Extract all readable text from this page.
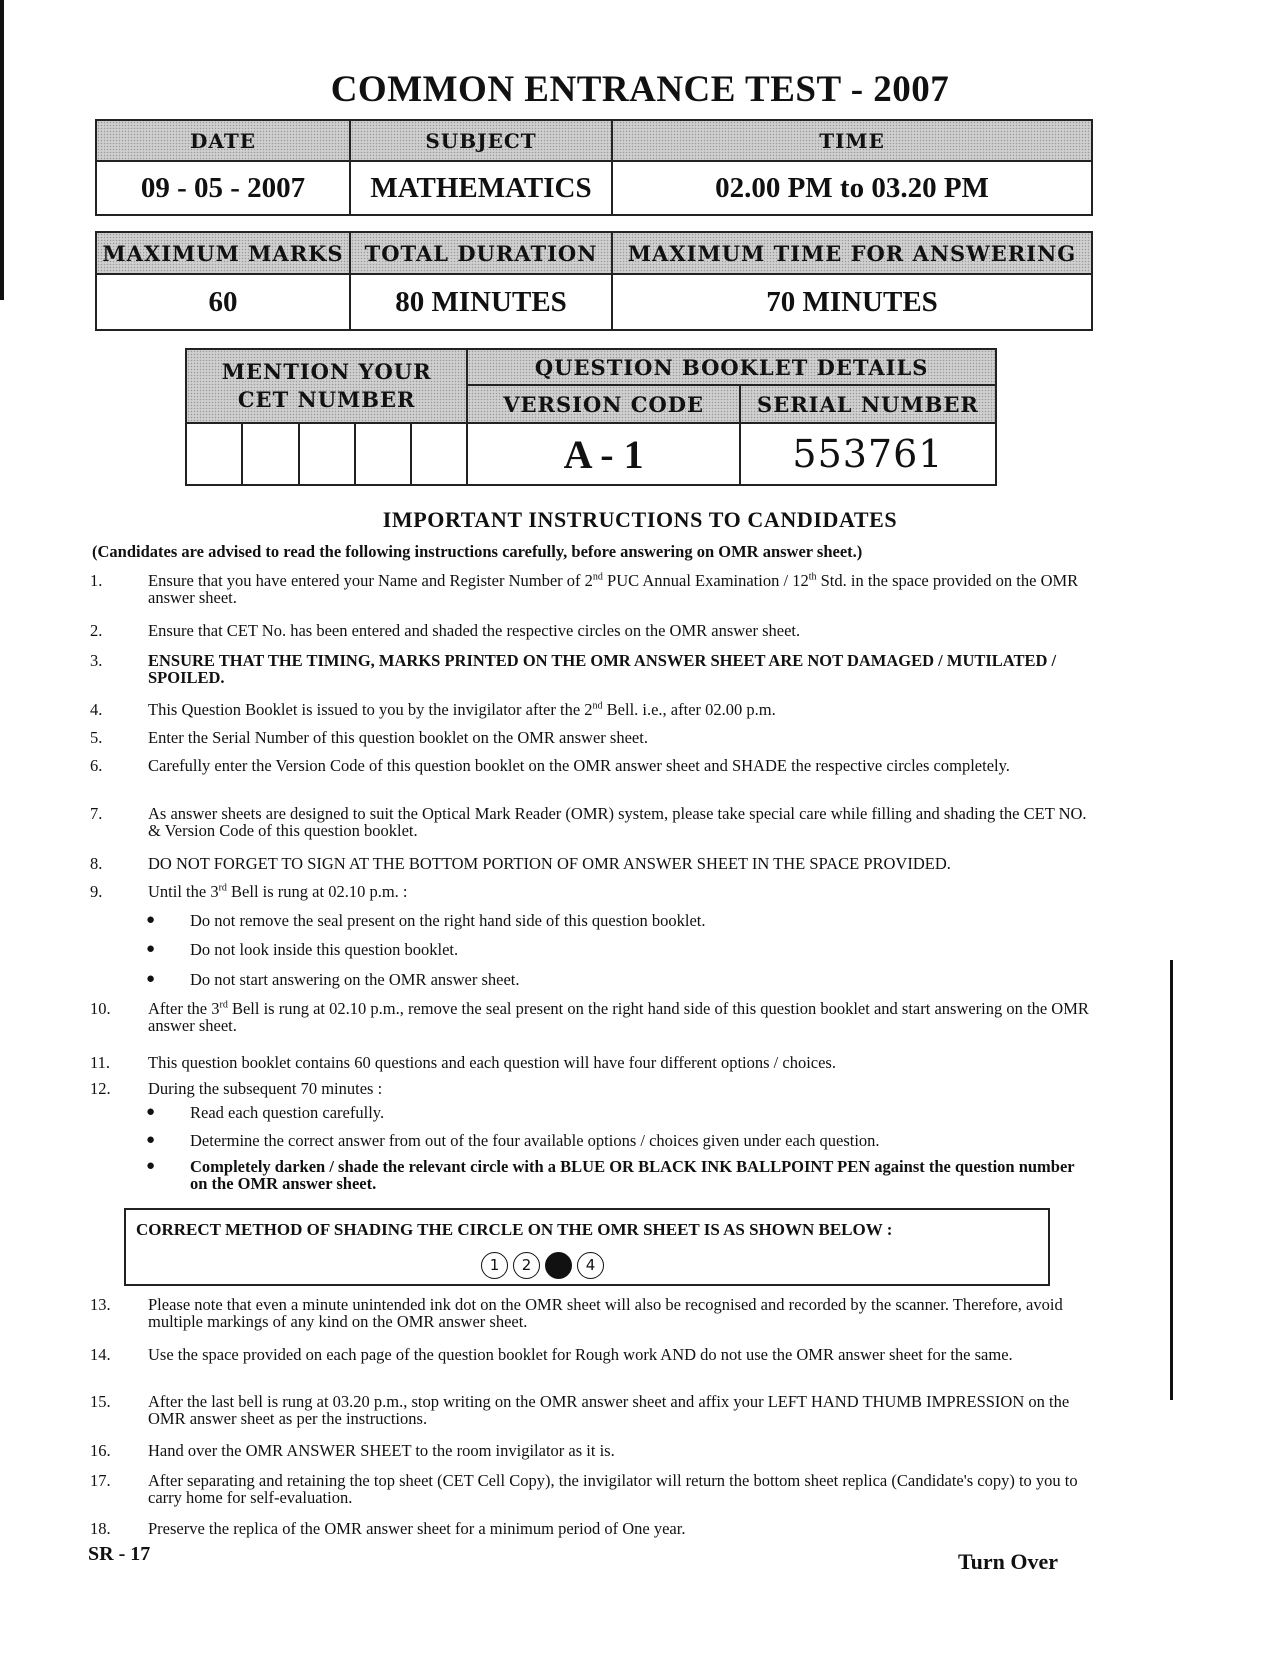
COMMON ENTRANCE TEST - 2007
DATE	SUBJECT	TIME
09 - 05 - 2007	MATHEMATICS	02.00 PM to 03.20 PM
MAXIMUM MARKS	TOTAL DURATION	MAXIMUM TIME FOR ANSWERING
60	80 MINUTES	70 MINUTES
MENTION YOUR
CET NUMBER					QUESTION BOOKLET DETAILS	
					VERSION CODE	SERIAL NUMBER
					A - 1	553761
IMPORTANT INSTRUCTIONS TO CANDIDATES
(Candidates are advised to read the following instructions carefully, before answering on OMR answer sheet.)
1.	Ensure that you have entered your Name and Register Number of 2nd PUC Annual Examination / 12th Std. in the space provided on the OMR answer sheet.
2.	Ensure that CET No. has been entered and shaded the respective circles on the OMR answer sheet.
3.	ENSURE THAT THE TIMING, MARKS PRINTED ON THE OMR ANSWER SHEET ARE NOT DAMAGED / MUTILATED / SPOILED.
4.	This Question Booklet is issued to you by the invigilator after the 2nd Bell. i.e., after 02.00 p.m.
5.	Enter the Serial Number of this question booklet on the OMR answer sheet.
6.	Carefully enter the Version Code of this question booklet on the OMR answer sheet and SHADE the respective circles completely.
7.	As answer sheets are designed to suit the Optical Mark Reader (OMR) system, please take special care while filling and shading the CET NO. & Version Code of this question booklet.
8.	DO NOT FORGET TO SIGN AT THE BOTTOM PORTION OF OMR ANSWER SHEET IN THE SPACE PROVIDED.
9.	Until the 3rd Bell is rung at 02.10 p.m. :
● Do not remove the seal present on the right hand side of this question booklet.
● Do not look inside this question booklet.
● Do not start answering on the OMR answer sheet.
10.	After the 3rd Bell is rung at 02.10 p.m., remove the seal present on the right hand side of this question booklet and start answering on the OMR answer sheet.
11.	This question booklet contains 60 questions and each question will have four different options / choices.
12.	During the subsequent 70 minutes :
● Read each question carefully.
● Determine the correct answer from out of the four available options / choices given under each question.
● Completely darken / shade the relevant circle with a BLUE OR BLACK INK BALLPOINT PEN against the question number on the OMR answer sheet.
CORRECT METHOD OF SHADING THE CIRCLE ON THE OMR SHEET IS AS SHOWN BELOW :
1	2	4
13.	Please note that even a minute unintended ink dot on the OMR sheet will also be recognised and recorded by the scanner. Therefore, avoid multiple markings of any kind on the OMR answer sheet.
14.	Use the space provided on each page of the question booklet for Rough work AND do not use the OMR answer sheet for the same.
15.	After the last bell is rung at 03.20 p.m., stop writing on the OMR answer sheet and affix your LEFT HAND THUMB IMPRESSION on the OMR answer sheet as per the instructions.
16.	Hand over the OMR ANSWER SHEET to the room invigilator as it is.
17.	After separating and retaining the top sheet (CET Cell Copy), the invigilator will return the bottom sheet replica (Candidate's copy) to you to carry home for self-evaluation.
18.	Preserve the replica of the OMR answer sheet for a minimum period of One year.
SR - 17	Turn Over
